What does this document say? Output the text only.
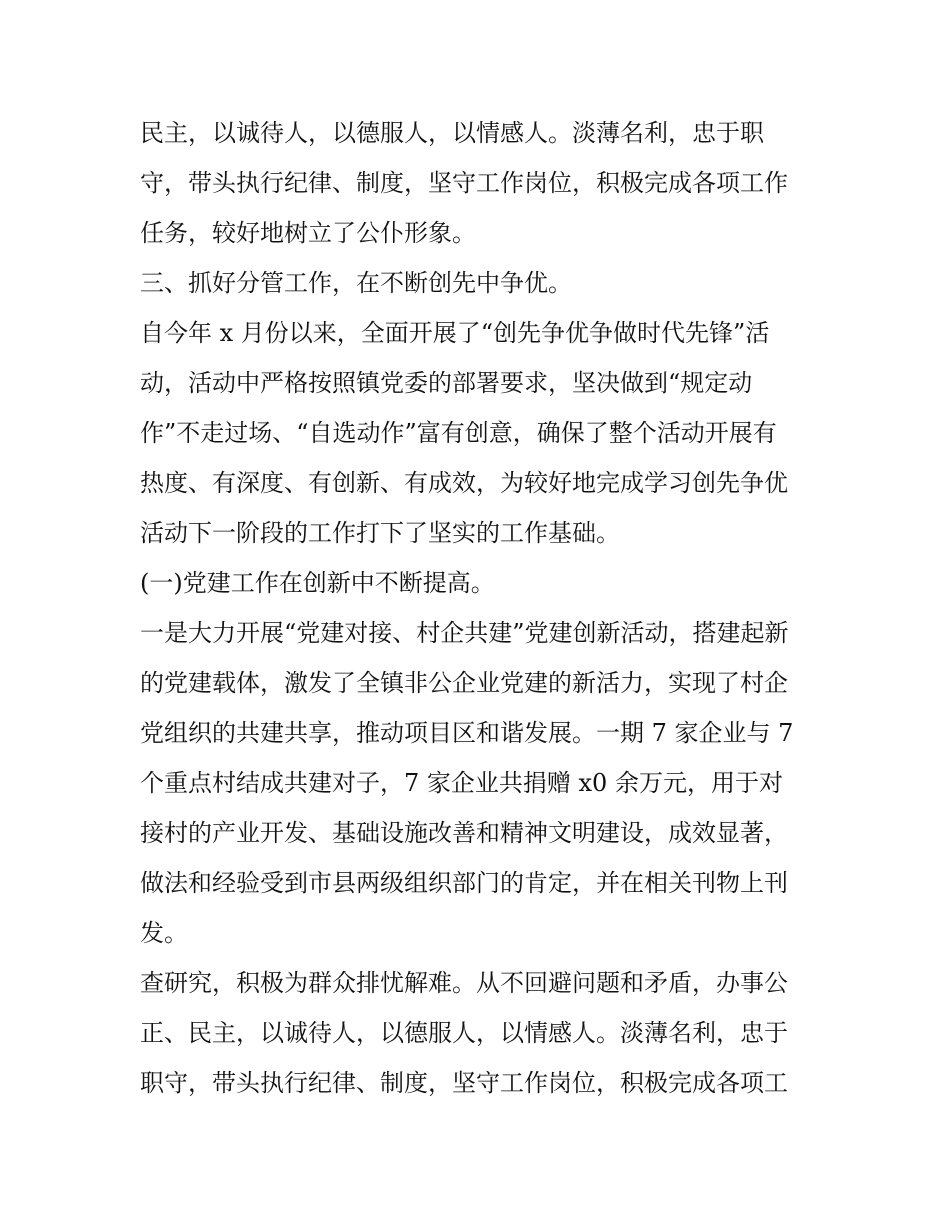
民主，以诚待人，以德服人，以情感人。淡薄名利，忠于职
守，带头执行纪律、制度，坚守工作岗位，积极完成各项工作
任务，较好地树立了公仆形象。
三、抓好分管工作，在不断创先中争优。
自今年 x 月份以来，全面开展了“创先争优争做时代先锋”活
动，活动中严格按照镇党委的部署要求，坚决做到“规定动
作”不走过场、“自选动作”富有创意，确保了整个活动开展有
热度、有深度、有创新、有成效，为较好地完成学习创先争优
活动下一阶段的工作打下了坚实的工作基础。
(一)党建工作在创新中不断提高。
一是大力开展“党建对接、村企共建”党建创新活动，搭建起新
的党建载体，激发了全镇非公企业党建的新活力，实现了村企
党组织的共建共享，推动项目区和谐发展。一期 7 家企业与 7
个重点村结成共建对子，7 家企业共捐赠 x0 余万元，用于对
接村的产业开发、基础设施改善和精神文明建设，成效显著，
做法和经验受到市县两级组织部门的肯定，并在相关刊物上刊
发。
查研究，积极为群众排忧解难。从不回避问题和矛盾，办事公
正、民主，以诚待人，以德服人，以情感人。淡薄名利，忠于
职守，带头执行纪律、制度，坚守工作岗位，积极完成各项工
